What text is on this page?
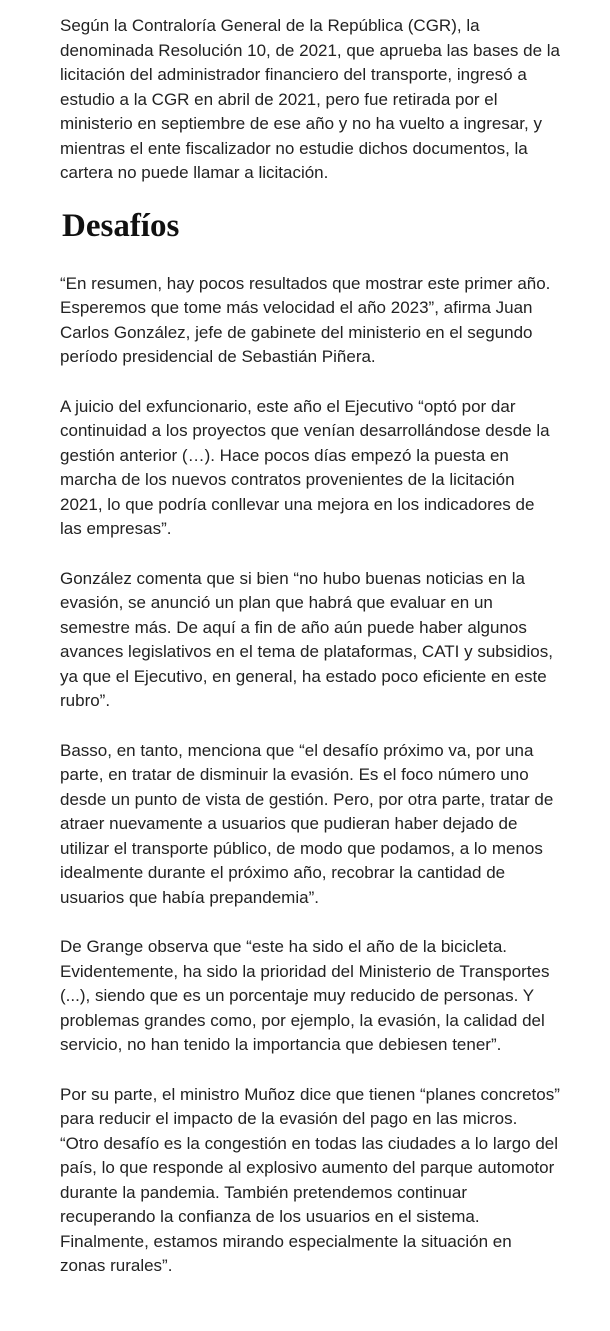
Según la Contraloría General de la República (CGR), la denominada Resolución 10, de 2021, que aprueba las bases de la licitación del administrador financiero del transporte, ingresó a estudio a la CGR en abril de 2021, pero fue retirada por el ministerio en septiembre de ese año y no ha vuelto a ingresar, y mientras el ente fiscalizador no estudie dichos documentos, la cartera no puede llamar a licitación.

Desafíos

“En resumen, hay pocos resultados que mostrar este primer año. Esperemos que tome más velocidad el año 2023”, afirma Juan Carlos González, jefe de gabinete del ministerio en el segundo período presidencial de Sebastián Piñera.

A juicio del exfuncionario, este año el Ejecutivo “optó por dar continuidad a los proyectos que venían desarrollándose desde la gestión anterior (…). Hace pocos días empezó la puesta en marcha de los nuevos contratos provenientes de la licitación 2021, lo que podría conllevar una mejora en los indicadores de las empresas”.

González comenta que si bien “no hubo buenas noticias en la evasión, se anunció un plan que habrá que evaluar en un semestre más. De aquí a fin de año aún puede haber algunos avances legislativos en el tema de plataformas, CATI y subsidios, ya que el Ejecutivo, en general, ha estado poco eficiente en este rubro”.

Basso, en tanto, menciona que “el desafío próximo va, por una parte, en tratar de disminuir la evasión. Es el foco número uno desde un punto de vista de gestión. Pero, por otra parte, tratar de atraer nuevamente a usuarios que pudieran haber dejado de utilizar el transporte público, de modo que podamos, a lo menos idealmente durante el próximo año, recobrar la cantidad de usuarios que había prepandemia”.

De Grange observa que “este ha sido el año de la bicicleta. Evidentemente, ha sido la prioridad del Ministerio de Transportes (...), siendo que es un porcentaje muy reducido de personas. Y problemas grandes como, por ejemplo, la evasión, la calidad del servicio, no han tenido la importancia que debiesen tener”.

Por su parte, el ministro Muñoz dice que tienen “planes concretos” para reducir el impacto de la evasión del pago en las micros. “Otro desafío es la congestión en todas las ciudades a lo largo del país, lo que responde al explosivo aumento del parque automotor durante la pandemia. También pretendemos continuar recuperando la confianza de los usuarios en el sistema. Finalmente, estamos mirando especialmente la situación en zonas rurales”.
